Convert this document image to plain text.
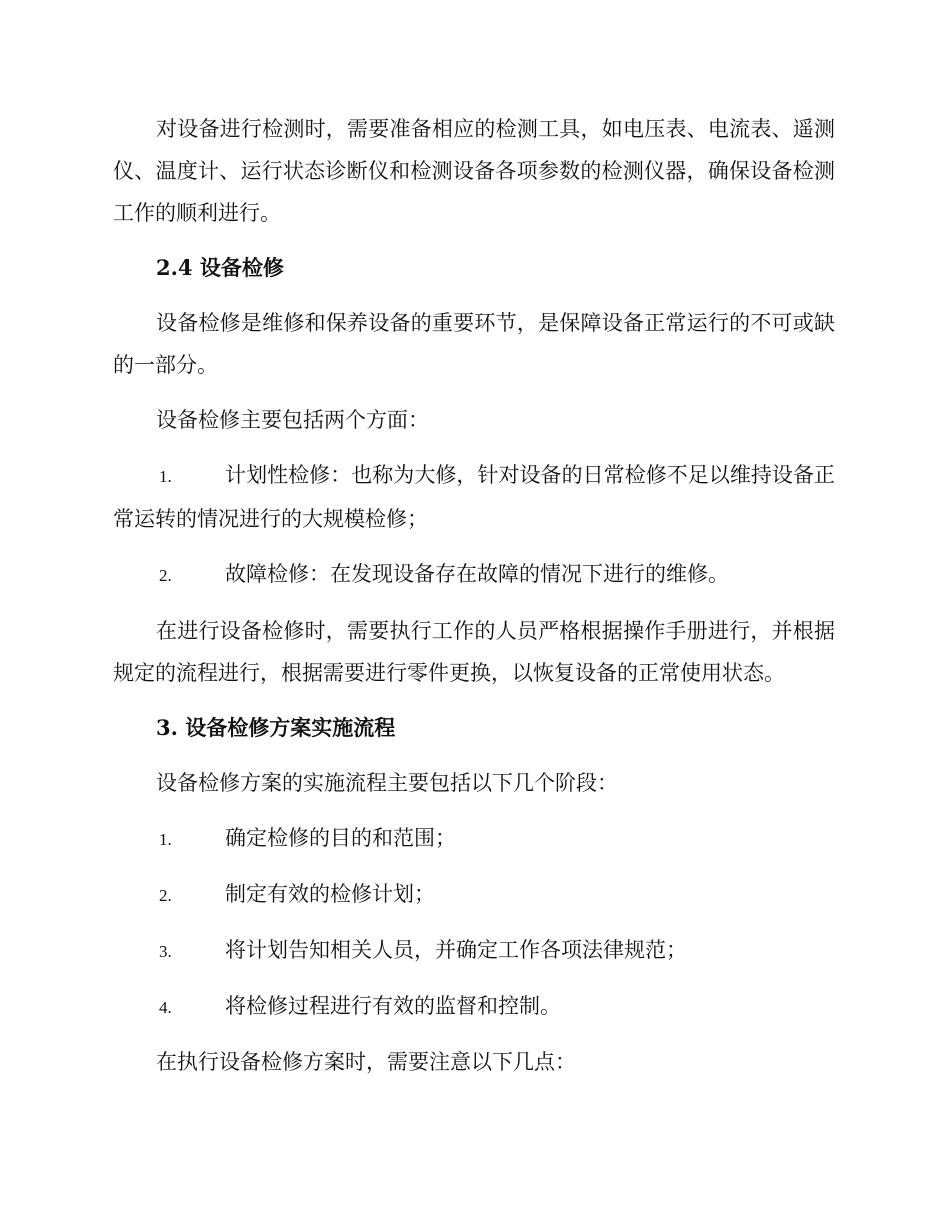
对设备进行检测时，需要准备相应的检测工具，如电压表、电流表、遥测仪、温度计、运行状态诊断仪和检测设备各项参数的检测仪器，确保设备检测工作的顺利进行。

2.4 设备检修

设备检修是维修和保养设备的重要环节，是保障设备正常运行的不可或缺的一部分。

设备检修主要包括两个方面：

1.	计划性检修：也称为大修，针对设备的日常检修不足以维持设备正常运转的情况进行的大规模检修；

2.	故障检修：在发现设备存在故障的情况下进行的维修。

在进行设备检修时，需要执行工作的人员严格根据操作手册进行，并根据规定的流程进行，根据需要进行零件更换，以恢复设备的正常使用状态。

3. 设备检修方案实施流程

设备检修方案的实施流程主要包括以下几个阶段：

1.	确定检修的目的和范围；

2.	制定有效的检修计划；

3.	将计划告知相关人员，并确定工作各项法律规范；

4.	将检修过程进行有效的监督和控制。

在执行设备检修方案时，需要注意以下几点：
